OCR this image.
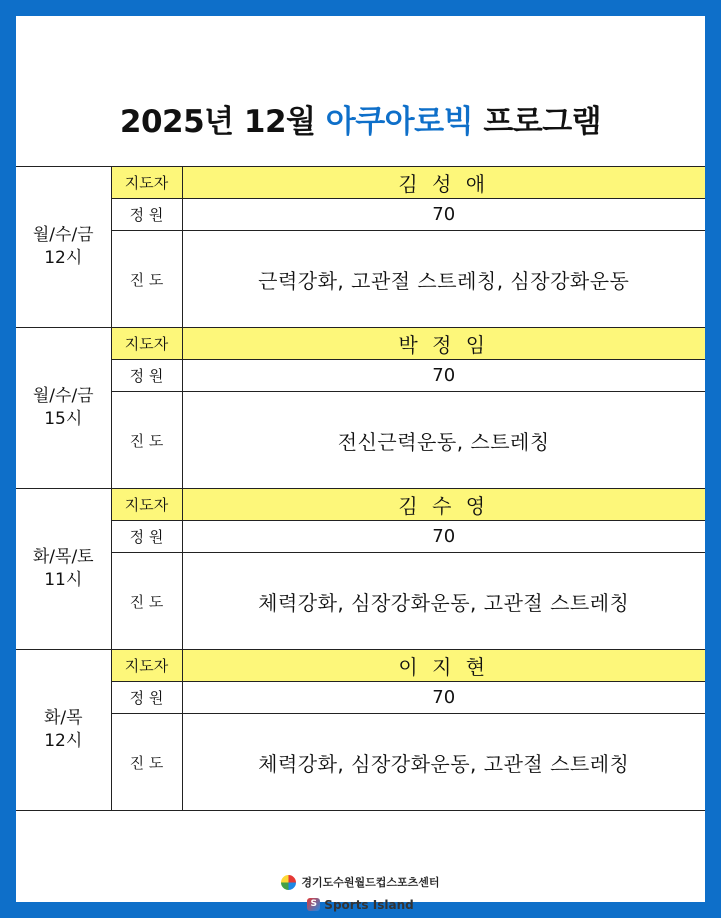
2025년 12월 아쿠아로빅 프로그램
월/수/금
12시	지도자	김 성 애
	정 원	70
	진 도	근력강화, 고관절 스트레칭, 심장강화운동

월/수/금
15시	지도자	박 정 임
	정 원	70
	진 도	전신근력운동, 스트레칭

화/목/토
11시	지도자	김 수 영
	정 원	70
	진 도	체력강화, 심장강화운동, 고관절 스트레칭

화/목
12시	지도자	이 지 현
	정 원	70
	진 도	체력강화, 심장강화운동, 고관절 스트레칭
경기도수원월드컵스포츠센터
S Sports Island
